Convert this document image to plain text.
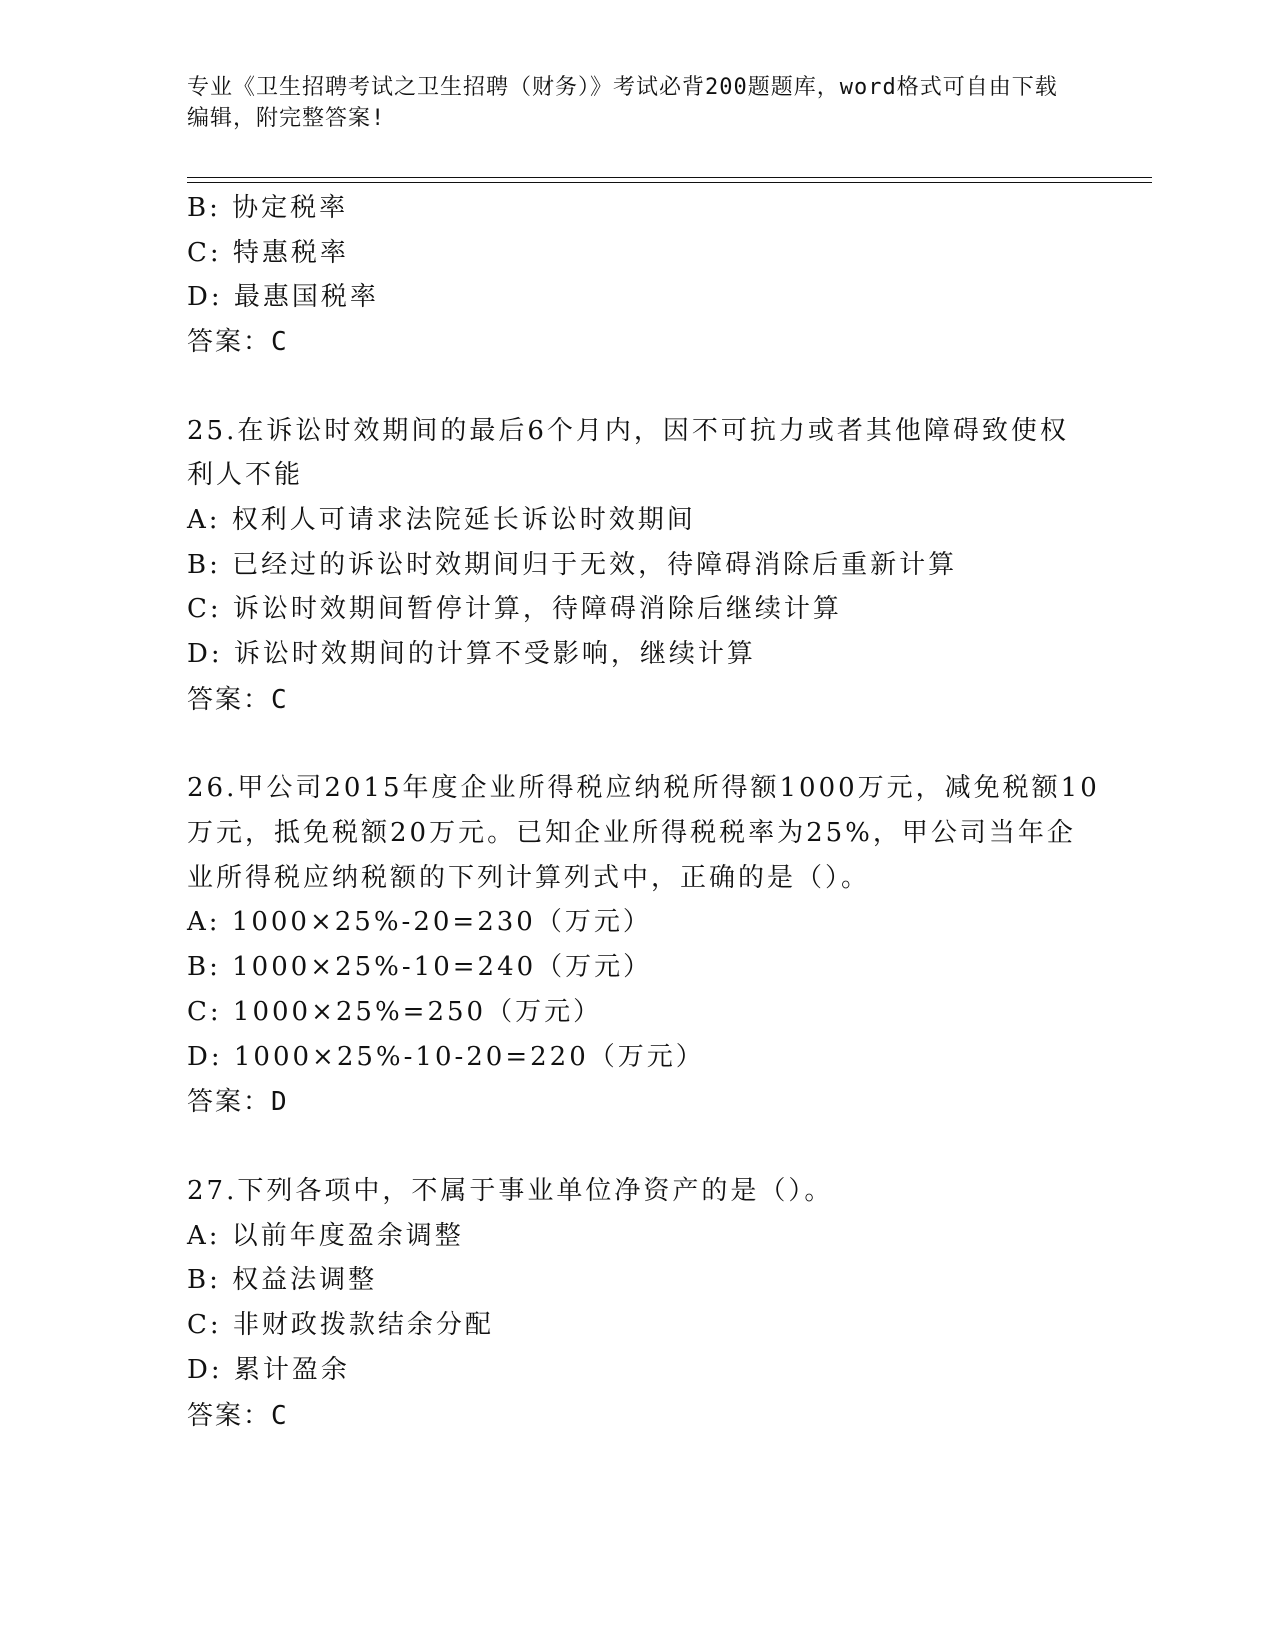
专业《卫生招聘考试之卫生招聘（财务）》考试必背200题题库，word格式可自由下载编辑，附完整答案!
B: 协定税率
C: 特惠税率
D: 最惠国税率
答案：C
25.在诉讼时效期间的最后6个月内，因不可抗力或者其他障碍致使权
利人不能
A: 权利人可请求法院延长诉讼时效期间
B: 已经过的诉讼时效期间归于无效，待障碍消除后重新计算
C: 诉讼时效期间暂停计算，待障碍消除后继续计算
D: 诉讼时效期间的计算不受影响，继续计算
答案：C
26.甲公司2015年度企业所得税应纳税所得额1000万元，减免税额10
万元，抵免税额20万元。已知企业所得税税率为25%，甲公司当年企
业所得税应纳税额的下列计算列式中，正确的是（）。
A: 1000×25%-20=230（万元）
B: 1000×25%-10=240（万元）
C: 1000×25%=250（万元）
D: 1000×25%-10-20=220（万元）
答案：D
27.下列各项中，不属于事业单位净资产的是（）。
A: 以前年度盈余调整
B: 权益法调整
C: 非财政拨款结余分配
D: 累计盈余
答案：C
